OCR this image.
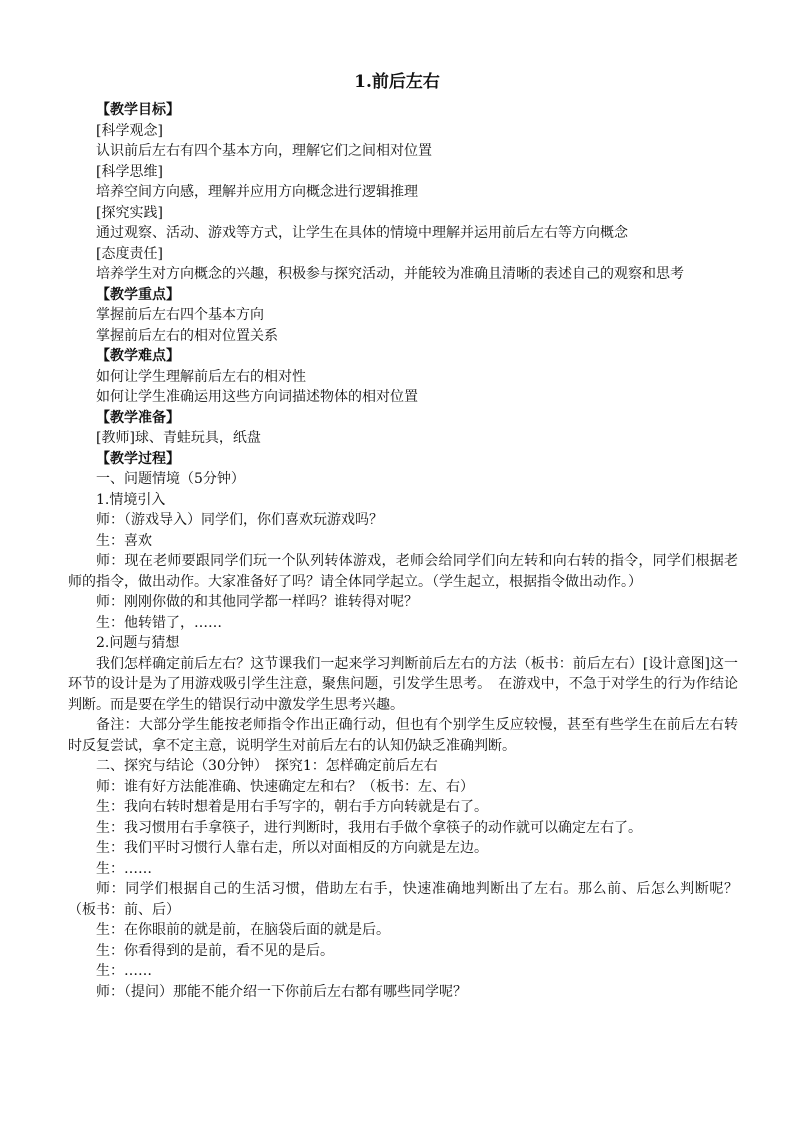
1.前后左右

【教学目标】

[科学观念]

认识前后左右有四个基本方向，理解它们之间相对位置

[科学思维]

培养空间方向感，理解并应用方向概念进行逻辑推理

[探究实践]

通过观察、活动、游戏等方式，让学生在具体的情境中理解并运用前后左右等方向概念

[态度责任]

培养学生对方向概念的兴趣，积极参与探究活动，并能较为准确且清晰的表述自己的观察和思考

【教学重点】

掌握前后左右四个基本方向

掌握前后左右的相对位置关系

【教学难点】

如何让学生理解前后左右的相对性

如何让学生准确运用这些方向词描述物体的相对位置

【教学准备】

[教师]球、青蛙玩具，纸盘

【教学过程】

一、问题情境（5分钟）

1.情境引入

师：（游戏导入）同学们，你们喜欢玩游戏吗？

生：喜欢

师：现在老师要跟同学们玩一个队列转体游戏，老师会给同学们向左转和向右转的指令，同学们根据老师的指令，做出动作。大家准备好了吗？请全体同学起立。（学生起立，根据指令做出动作。）

师：刚刚你做的和其他同学都一样吗？谁转得对呢？

生：他转错了，……

2.问题与猜想

我们怎样确定前后左右？这节课我们一起来学习判断前后左右的方法（板书：前后左右）[设计意图]这一环节的设计是为了用游戏吸引学生注意，聚焦问题，引发学生思考。　在游戏中，不急于对学生的行为作结论判断。而是要在学生的错误行动中激发学生思考兴趣。

备注：大部分学生能按老师指令作出正确行动，但也有个别学生反应较慢，甚至有些学生在前后左右转时反复尝试，拿不定主意，说明学生对前后左右的认知仍缺乏准确判断。

二、探究与结论（30分钟）　探究1：怎样确定前后左右

师：谁有好方法能准确、快速确定左和右？（板书：左、右）

生：我向右转时想着是用右手写字的，朝右手方向转就是右了。

生：我习惯用右手拿筷子，进行判断时，我用右手做个拿筷子的动作就可以确定左右了。

生：我们平时习惯行人靠右走，所以对面相反的方向就是左边。

生：……

师：同学们根据自己的生活习惯，借助左右手，快速准确地判断出了左右。那么前、后怎么判断呢？（板书：前、后）

生：在你眼前的就是前，在脑袋后面的就是后。

生：你看得到的是前，看不见的是后。

生：……

师：（提问）那能不能介绍一下你前后左右都有哪些同学呢？
